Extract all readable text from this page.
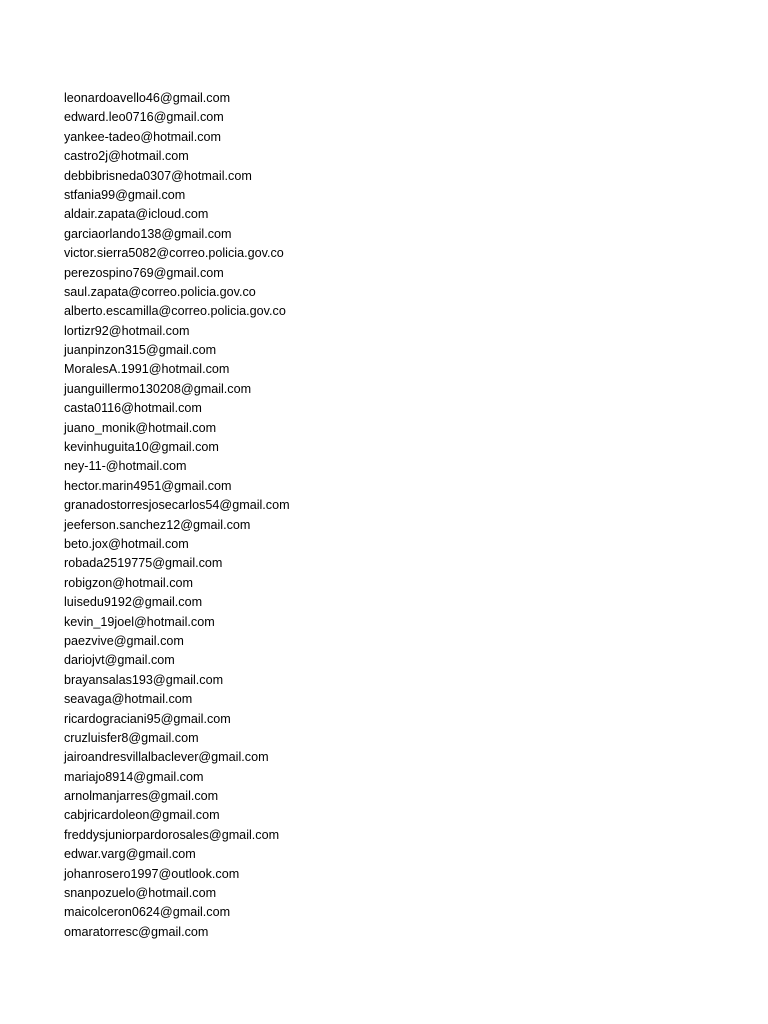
leonardoavello46@gmail.com
edward.leo0716@gmail.com
yankee-tadeo@hotmail.com
castro2j@hotmail.com
debbibrisneda0307@hotmail.com
stfania99@gmail.com
aldair.zapata@icloud.com
garciaorlando138@gmail.com
victor.sierra5082@correo.policia.gov.co
perezospino769@gmail.com
saul.zapata@correo.policia.gov.co
alberto.escamilla@correo.policia.gov.co
lortizr92@hotmail.com
juanpinzon315@gmail.com
MoralesA.1991@hotmail.com
juanguillermo130208@gmail.com
casta0116@hotmail.com
juano_monik@hotmail.com
kevinhuguita10@gmail.com
ney-11-@hotmail.com
hector.marin4951@gmail.com
granadostorresjosecarlos54@gmail.com
jeeferson.sanchez12@gmail.com
beto.jox@hotmail.com
robada2519775@gmail.com
robigzon@hotmail.com
luisedu9192@gmail.com
kevin_19joel@hotmail.com
paezvive@gmail.com
dariojvt@gmail.com
brayansalas193@gmail.com
seavaga@hotmail.com
ricardograciani95@gmail.com
cruzluisfer8@gmail.com
jairoandresvillalbaclever@gmail.com
mariajo8914@gmail.com
arnolmanjarres@gmail.com
cabjricardoleon@gmail.com
freddysjuniorpardorosales@gmail.com
edwar.varg@gmail.com
johanrosero1997@outlook.com
snanpozuelo@hotmail.com
maicolceron0624@gmail.com
omaratorresc@gmail.com
